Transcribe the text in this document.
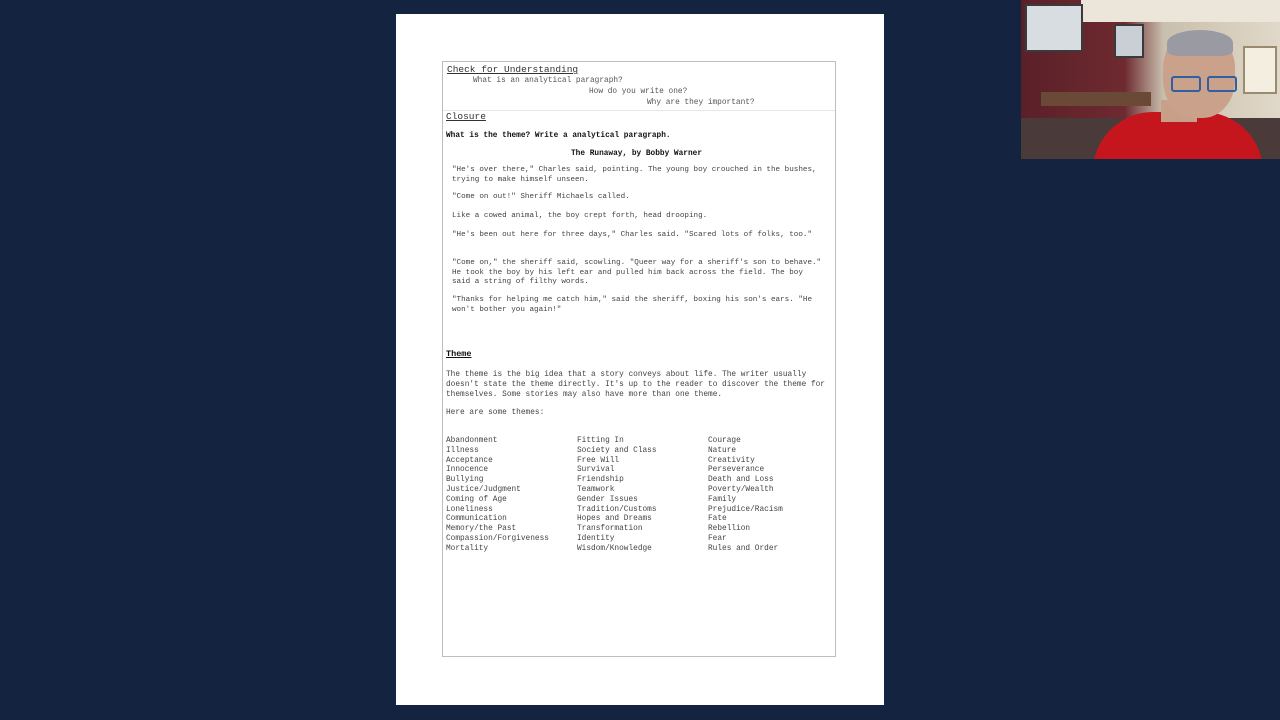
Check for Understanding
What is an analytical paragraph?
How do you write one?
Why are they important?
Closure
What is the theme? Write a analytical paragraph.
The Runaway, by Bobby Warner
"He's over there," Charles said, pointing. The young boy crouched in the bushes, trying to make himself unseen.
"Come on out!" Sheriff Michaels called.
Like a cowed animal, the boy crept forth, head drooping.
"He's been out here for three days," Charles said. "Scared lots of folks, too."
"Come on," the sheriff said, scowling. "Queer way for a sheriff's son to behave." He took the boy by his left ear and pulled him back across the field. The boy said a string of filthy words.
"Thanks for helping me catch him," said the sheriff, boxing his son's ears. "He won't bother you again!"
Theme
The theme is the big idea that a story conveys about life. The writer usually doesn't state the theme directly. It's up to the reader to discover the theme for themselves. Some stories may also have more than one theme.
Here are some themes:
Abandonment
Illness
Acceptance
Innocence
Bullying
Justice/Judgment
Coming of Age
Loneliness
Communication
Memory/the Past
Compassion/Forgiveness
Mortality
Fitting In
Society and Class
Free Will
Survival
Friendship
Teamwork
Gender Issues
Tradition/Customs
Hopes and Dreams
Transformation
Identity
Wisdom/Knowledge
Courage
Nature
Creativity
Perseverance
Death and Loss
Poverty/Wealth
Family
Prejudice/Racism
Fate
Rebellion
Fear
Rules and Order
